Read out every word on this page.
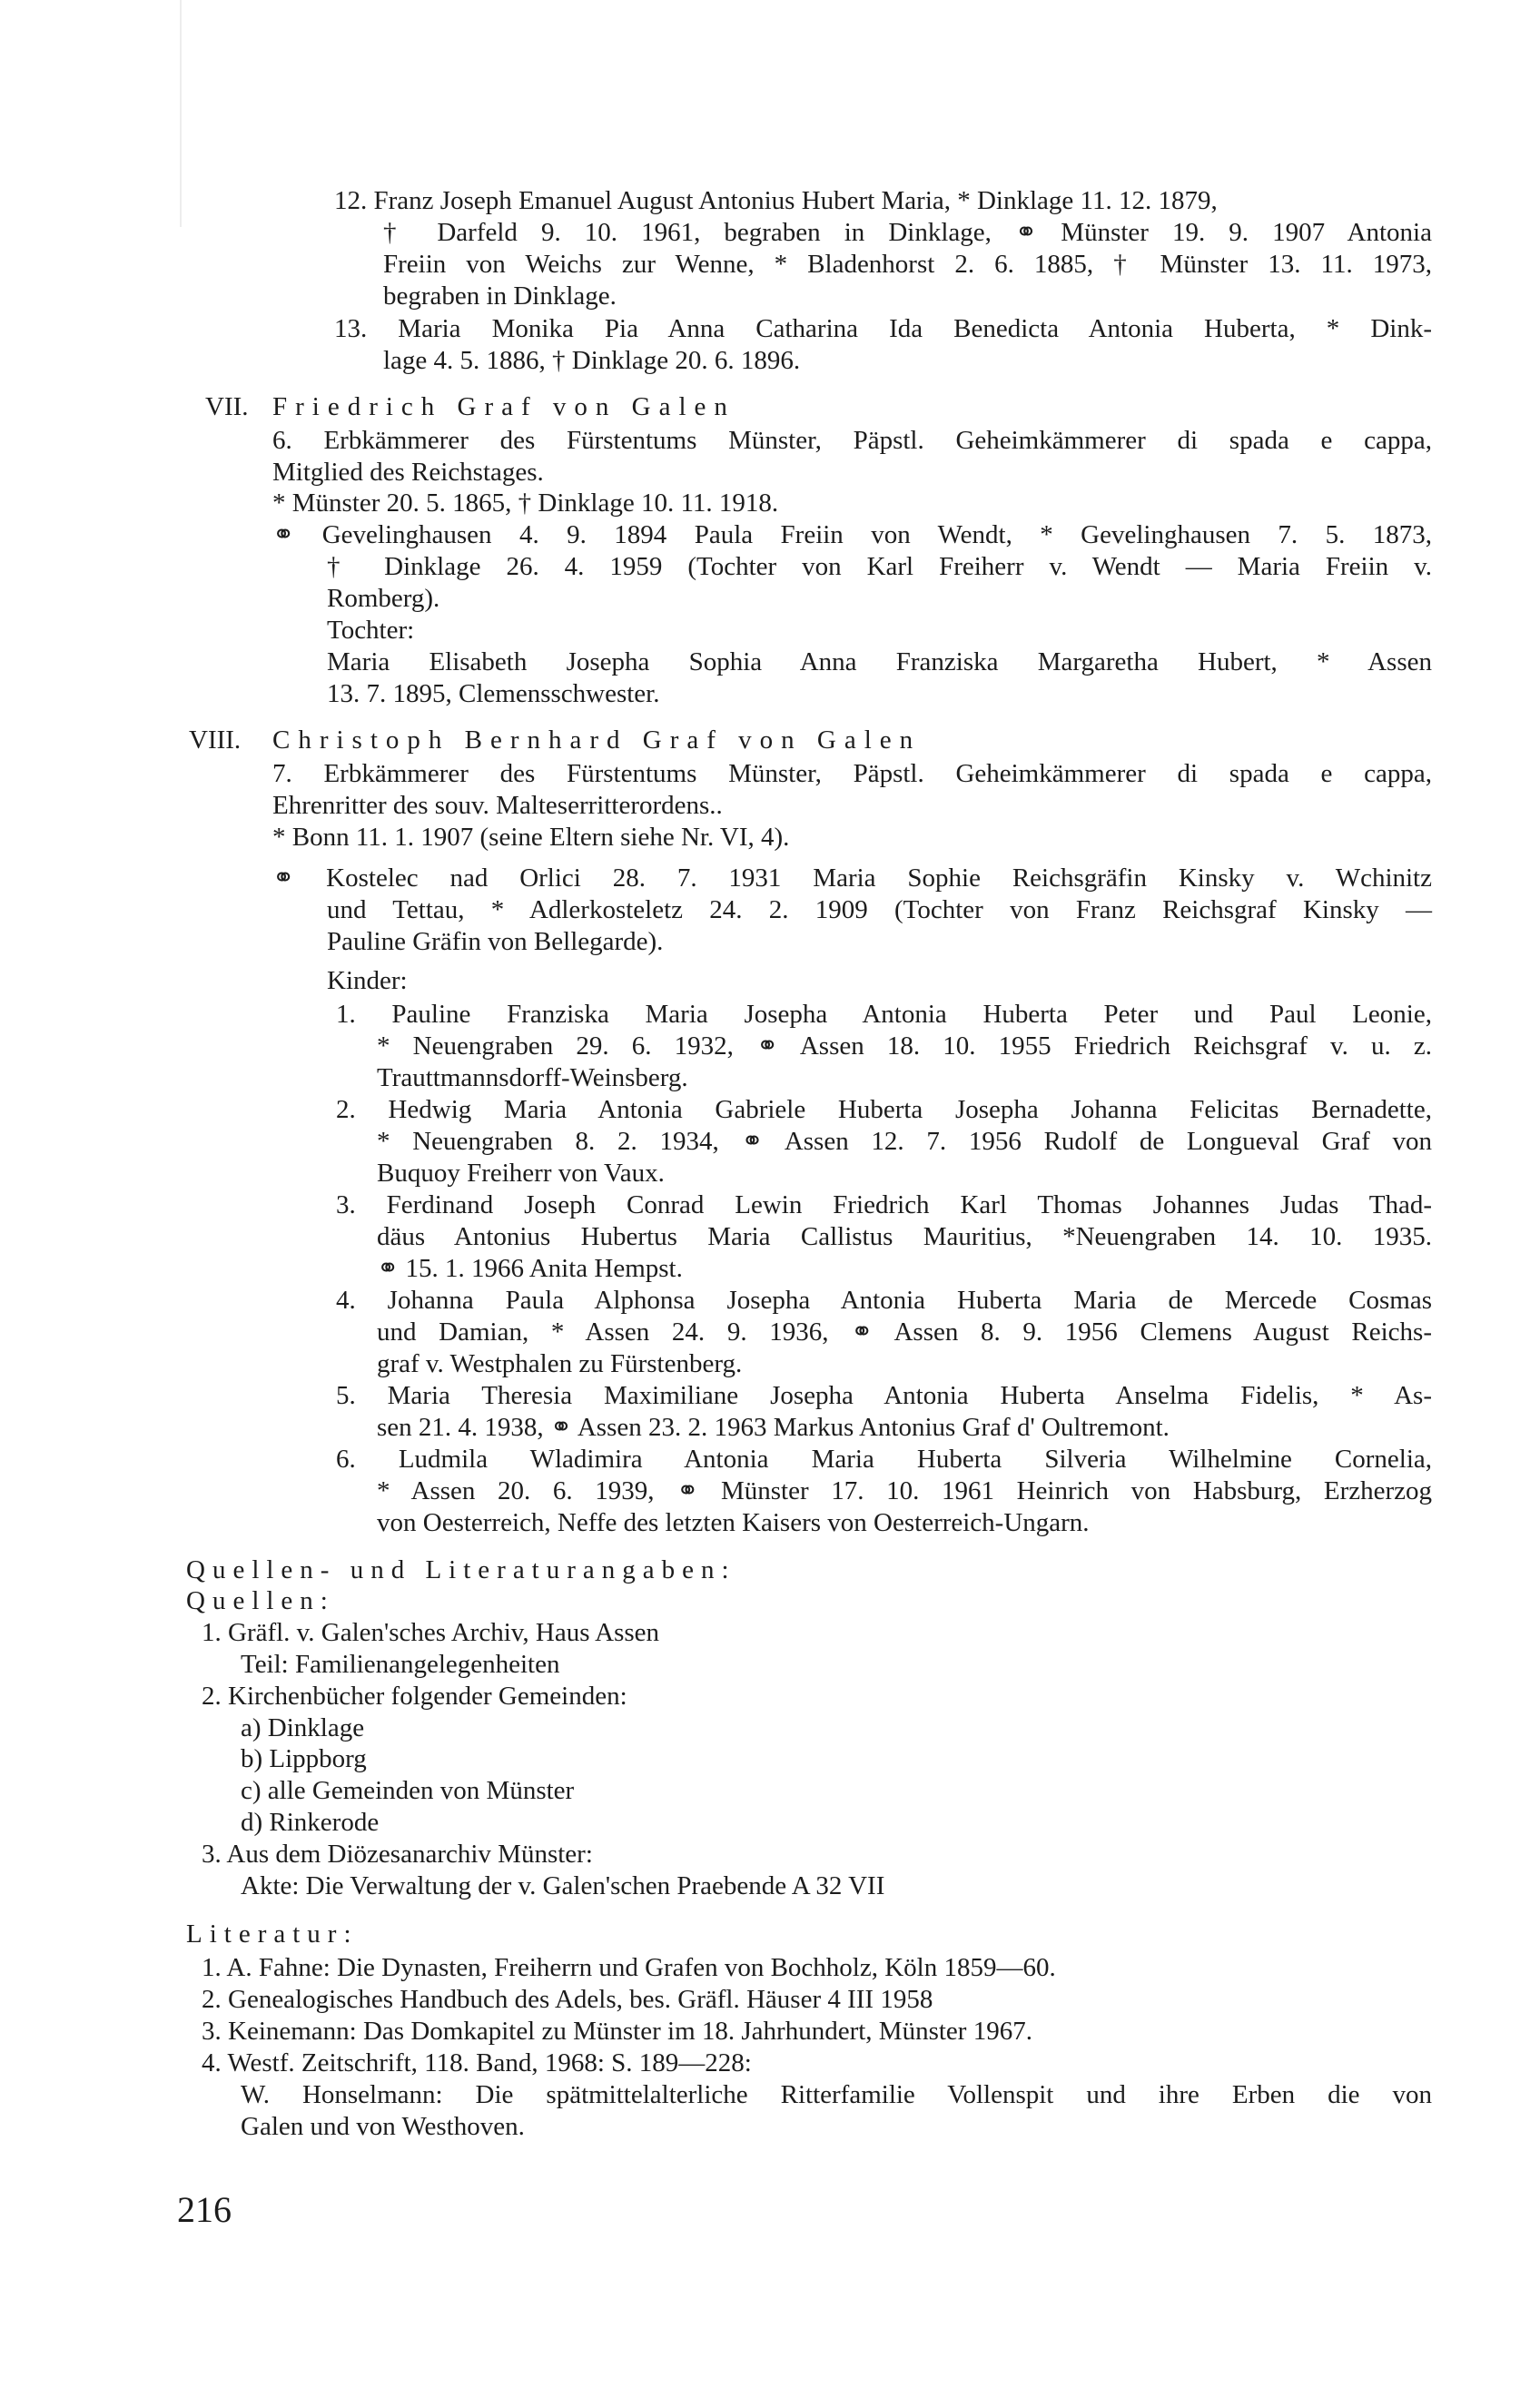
12. Franz Joseph Emanuel August Antonius Hubert Maria, * Dinklage 11. 12. 1879,
† Darfeld 9. 10. 1961, begraben in Dinklage, ⚭ Münster 19. 9. 1907 Antonia
Freiin von Weichs zur Wenne, * Bladenhorst 2. 6. 1885, † Münster 13. 11. 1973,
begraben in Dinklage.
13. Maria Monika Pia Anna Catharina Ida Benedicta Antonia Huberta, * Dink-
lage 4. 5. 1886, † Dinklage 20. 6. 1896.
VII. Friedrich Graf von Galen
6. Erbkämmerer des Fürstentums Münster, Päpstl. Geheimkämmerer di spada e cappa,
Mitglied des Reichstages.
* Münster 20. 5. 1865, † Dinklage 10. 11. 1918.
⚭ Gevelinghausen 4. 9. 1894 Paula Freiin von Wendt, * Gevelinghausen 7. 5. 1873,
† Dinklage 26. 4. 1959 (Tochter von Karl Freiherr v. Wendt — Maria Freiin v.
Romberg).
Tochter:
Maria Elisabeth Josepha Sophia Anna Franziska Margaretha Hubert, * Assen
13. 7. 1895, Clemensschwester.
VIII. Christoph Bernhard Graf von Galen
7. Erbkämmerer des Fürstentums Münster, Päpstl. Geheimkämmerer di spada e cappa,
Ehrenritter des souv. Malteserritterordens..
* Bonn 11. 1. 1907 (seine Eltern siehe Nr. VI, 4).
⚭ Kostelec nad Orlici 28. 7. 1931 Maria Sophie Reichsgräfin Kinsky v. Wchinitz
und Tettau, * Adlerkosteletz 24. 2. 1909 (Tochter von Franz Reichsgraf Kinsky —
Pauline Gräfin von Bellegarde).
Kinder:
1. Pauline Franziska Maria Josepha Antonia Huberta Peter und Paul Leonie,
* Neuengraben 29. 6. 1932, ⚭ Assen 18. 10. 1955 Friedrich Reichsgraf v. u. z.
Trauttmannsdorff-Weinsberg.
2. Hedwig Maria Antonia Gabriele Huberta Josepha Johanna Felicitas Bernadette,
* Neuengraben 8. 2. 1934, ⚭ Assen 12. 7. 1956 Rudolf de Longueval Graf von
Buquoy Freiherr von Vaux.
3. Ferdinand Joseph Conrad Lewin Friedrich Karl Thomas Johannes Judas Thad-
däus Antonius Hubertus Maria Callistus Mauritius, *Neuengraben 14. 10. 1935.
⚭ 15. 1. 1966 Anita Hempst.
4. Johanna Paula Alphonsa Josepha Antonia Huberta Maria de Mercede Cosmas
und Damian, * Assen 24. 9. 1936, ⚭ Assen 8. 9. 1956 Clemens August Reichs-
graf v. Westphalen zu Fürstenberg.
5. Maria Theresia Maximiliane Josepha Antonia Huberta Anselma Fidelis, * As-
sen 21. 4. 1938, ⚭ Assen 23. 2. 1963 Markus Antonius Graf d' Oultremont.
6. Ludmila Wladimira Antonia Maria Huberta Silveria Wilhelmine Cornelia,
* Assen 20. 6. 1939, ⚭ Münster 17. 10. 1961 Heinrich von Habsburg, Erzherzog
von Oesterreich, Neffe des letzten Kaisers von Oesterreich-Ungarn.
Quellen- und Literaturangaben:
Quellen:
1. Gräfl. v. Galen'sches Archiv, Haus Assen
Teil: Familienangelegenheiten
2. Kirchenbücher folgender Gemeinden:
a) Dinklage
b) Lippborg
c) alle Gemeinden von Münster
d) Rinkerode
3. Aus dem Diözesanarchiv Münster:
Akte: Die Verwaltung der v. Galen'schen Praebende A 32 VII
Literatur:
1. A. Fahne: Die Dynasten, Freiherrn und Grafen von Bochholz, Köln 1859—60.
2. Genealogisches Handbuch des Adels, bes. Gräfl. Häuser 4 III 1958
3. Keinemann: Das Domkapitel zu Münster im 18. Jahrhundert, Münster 1967.
4. Westf. Zeitschrift, 118. Band, 1968: S. 189—228:
W. Honselmann: Die spätmittelalterliche Ritterfamilie Vollenspit und ihre Erben die von
Galen und von Westhoven.
216
